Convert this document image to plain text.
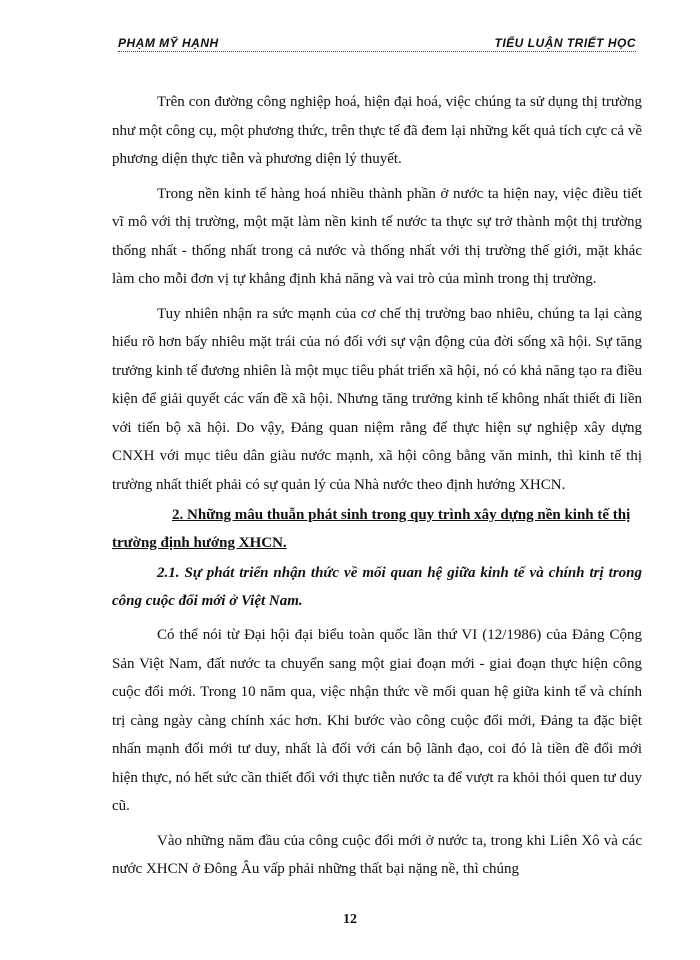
PHẠM MỸ HẠNH	TIỂU LUẬN TRIẾT HỌC

Trên con đường công nghiệp hoá, hiện đại hoá, việc chúng ta sử dụng thị trường như một công cụ, một phương thức, trên thực tế đã đem lại những kết quả tích cực cả về phương diện thực tiễn và phương diện lý thuyết.

Trong nền kinh tế hàng hoá nhiều thành phần ở nước ta hiện nay, việc điều tiết vĩ mô với thị trường, một mặt làm nền kinh tế nước ta thực sự trở thành một thị trường thống nhất - thống nhất trong cả nước và thống nhất với thị trường thế giới, mặt khác làm cho mỗi đơn vị tự khẳng định khả năng và vai trò của mình trong thị trường.

Tuy nhiên nhận ra sức mạnh của cơ chế thị trường bao nhiêu, chúng ta lại càng hiểu rõ hơn bấy nhiêu mặt trái của nó đối với sự vận động của đời sống xã hội. Sự tăng trưởng kinh tế đương nhiên là một mục tiêu phát triển xã hội, nó có khả năng tạo ra điều kiện để giải quyết các vấn đề xã hội. Nhưng tăng trưởng kinh tế không nhất thiết đi liền với tiến bộ xã hội. Do vậy, Đảng quan niệm rằng để thực hiện sự nghiệp xây dựng CNXH với mục tiêu dân giàu nước mạnh, xã hội công bằng văn minh, thì kinh tế thị trường nhất thiết phải có sự quản lý của Nhà nước theo định hướng XHCN.

2. Những mâu thuẫn phát sinh trong quy trình xây dựng nền kinh tế thị trường định hướng XHCN.

2.1. Sự phát triển nhận thức về mối quan hệ giữa kinh tế và chính trị trong công cuộc đổi mới ở Việt Nam.

Có thể nói từ Đại hội đại biểu toàn quốc lần thứ VI (12/1986) của Đảng Cộng Sản Việt Nam, đất nước ta chuyển sang một giai đoạn mới - giai đoạn thực hiện công cuộc đổi mới. Trong 10 năm qua, việc nhận thức về mối quan hệ giữa kinh tế và chính trị càng ngày càng chính xác hơn. Khi bước vào công cuộc đổi mới, Đảng ta đặc biệt nhấn mạnh đổi mới tư duy, nhất là đối với cán bộ lãnh đạo, coi đó là tiền đề đổi mới hiện thực, nó hết sức cần thiết đối với thực tiễn nước ta để vượt ra khỏi thói quen tư duy cũ.

Vào những năm đầu của công cuộc đổi mới ở nước ta, trong khi Liên Xô và các nước XHCN ở Đông Âu vấp phải những thất bại nặng nề, thì chúng

12
